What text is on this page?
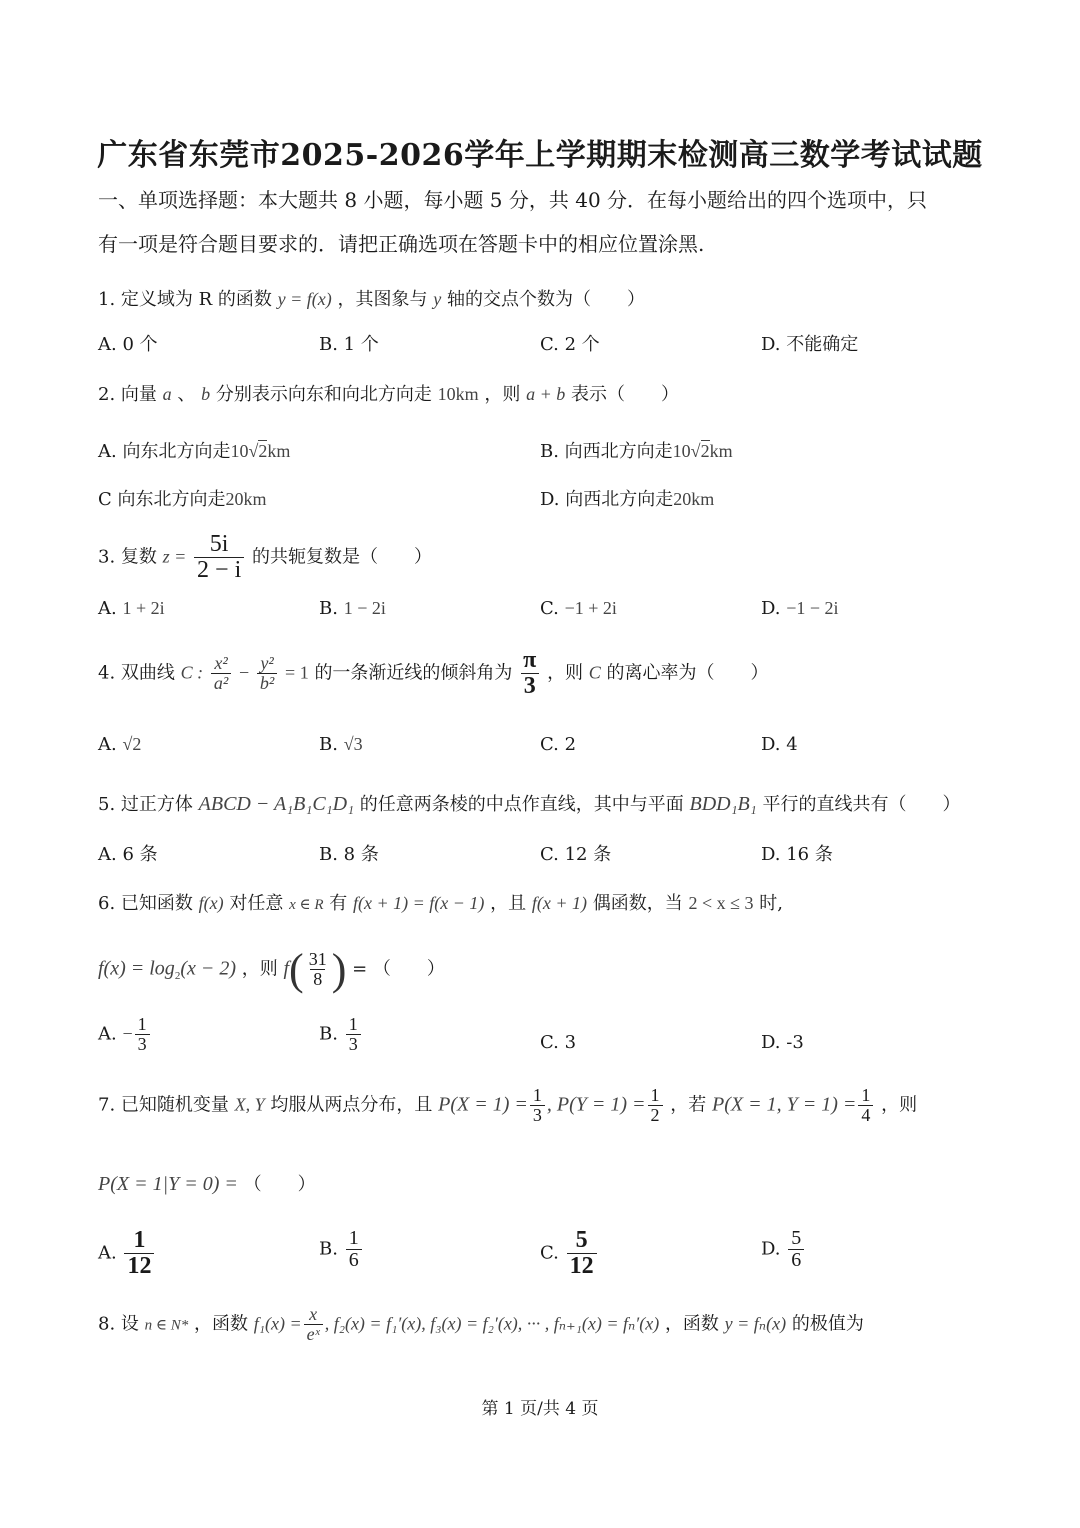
广东省东莞市2025-2026学年上学期期末检测高三数学考试试题
一、单项选择题：本大题共 8 小题，每小题 5 分，共 40 分．在每小题给出的四个选项中，只
有一项是符合题目要求的．请把正确选项在答题卡中的相应位置涂黑.
1. 定义域为 R 的函数 y = f(x) ，其图象与 y 轴的交点个数为（　　）
A. 0 个	B. 1 个	C. 2 个	D. 不能确定
2. 向量 a 、 b 分别表示向东和向北方向走 10km ，则 a + b 表示（　　）
A. 向东北方向走10√2km	B. 向西北方向走10√2km
C 向东北方向走20km	D. 向西北方向走20km
3. 复数 $z = \frac{5i}{2 - i}$ 的共轭复数是（　　）
A. 1 + 2i	B. 1 − 2i	C. −1 + 2i	D. −1 − 2i
4. 双曲线 C : $\frac{\text{x²}}{\text{a²}} - \frac{\text{y²}}{\text{b²}} = 1$ 的一条渐近线的倾斜角为 $\frac{\pi}{3}$ ，则 C 的离心率为（　　）
A. √2	B. √3	C. 2	D. 4
5. 过正方体 ABCD − A₁B₁C₁D₁ 的任意两条棱的中点作直线，其中与平面 BDD₁B₁ 平行的直线共有（　　）
A. 6 条	B. 8 条	C. 12 条	D. 16 条
6. 已知函数 f(x) 对任意 x ∈ R 有 f(x + 1) = f(x − 1) ，且 f(x + 1) 偶函数，当 2 < x ≤ 3 时,
$f(x) = \log_2(x - 2)$ ，则 $f( \frac{31}{8}$ ) = （　　）
A. − $\frac{1}{3}$	B. $\frac{1}{3}$	C. 3	D. -3
7. 已知随机变量 X, Y 均服从两点分布，且 $P(X = 1) = \frac{1}{3}$ , $P(Y = 1) = \frac{1}{2}$ ，若 P(X = 1, $Y = 1) = \frac{1}{4}$ ，则
P(X = 1|Y = 0) = （　　）
A. $\frac{1}{12}$	B. $\frac{1}{6}$	C. $\frac{5}{12}$	D. $\frac{5}{6}$
8. 设 n ∈ N* ，函数 $f_1(x) = \frac{x}{\text{eˣ}}$ , f₂(x) = f₁′(x), f₃(x) = f₂′(x), ··· , fₙ₊₁(x) = fₙ′(x) ，函数 y = fₙ(x) 的极值为
第 1 页/共 4 页
